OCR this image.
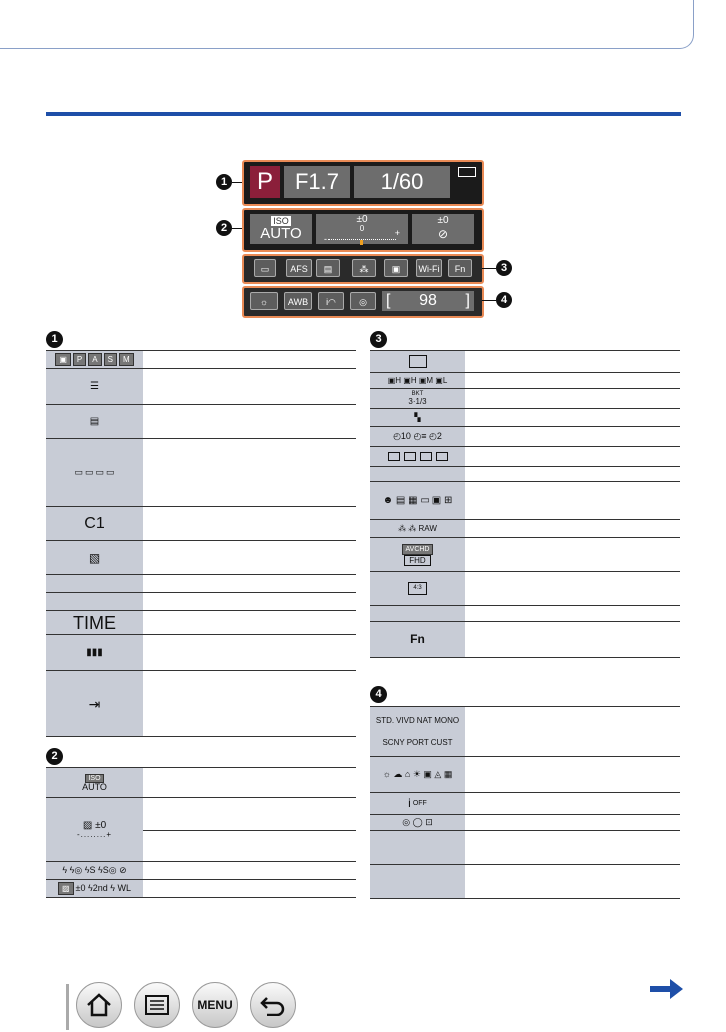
P F1.7	1/60
ISO
AUTO
±0
0
-
+
±0
⊘
▭	AFS	▤	⁂	▣	Wi-Fi	Fn
☼	AWB	i◠	◎	[ 98 ]
1
2
3
4
1
▣	P	A	S	M
☰
▤
▭ ▭ ▭ ▭
C1
▧
TIME
▮▮▮
⇥
2
ISO
AUTO
▨ ±0
-........+
ϟ ϟ◎ ϟS ϟS◎ ⊘
▨ ±0 ϟ2nd ϟ WL
3
▣H ▣H ▣M ▣L
BKT
3·1/3
▚
◴10 ◴≡ ◴2
☻ ▤ ▦ ▭ ▣ ⊞
⁂ ⁂ RAW
AVCHD
FHD
4:3
Fn
4
STD. VIVD NAT MONO
SCNY PORT CUST
☼ ☁ ⌂ ☀ ▣ ◬ ▦
i OFF
◎ ◯ ⊡
MENU
